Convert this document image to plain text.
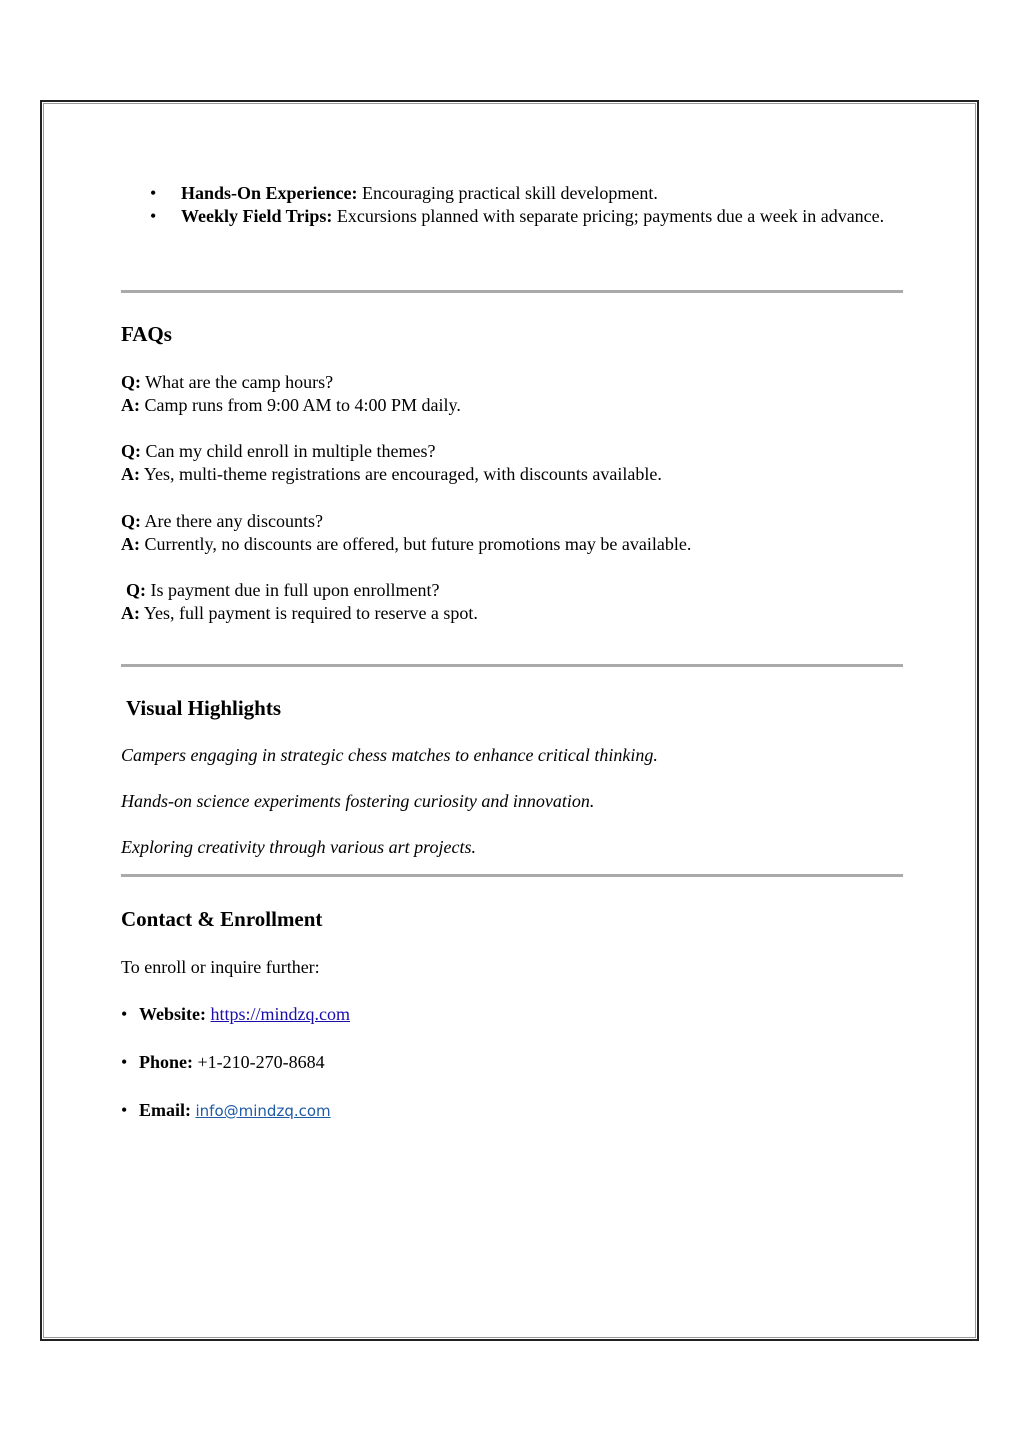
• Hands-On Experience: Encouraging practical skill development.
• Weekly Field Trips: Excursions planned with separate pricing; payments due a week in advance.
FAQs
Q: What are the camp hours?
A: Camp runs from 9:00 AM to 4:00 PM daily.
Q: Can my child enroll in multiple themes?
A: Yes, multi-theme registrations are encouraged, with discounts available.
Q: Are there any discounts?
A: Currently, no discounts are offered, but future promotions may be available.
Q: Is payment due in full upon enrollment?
A: Yes, full payment is required to reserve a spot.
Visual Highlights
Campers engaging in strategic chess matches to enhance critical thinking.
Hands-on science experiments fostering curiosity and innovation.
Exploring creativity through various art projects.
Contact & Enrollment
To enroll or inquire further:
• Website: https://mindzq.com
• Phone: +1-210-270-8684
• Email: info@mindzq.com
